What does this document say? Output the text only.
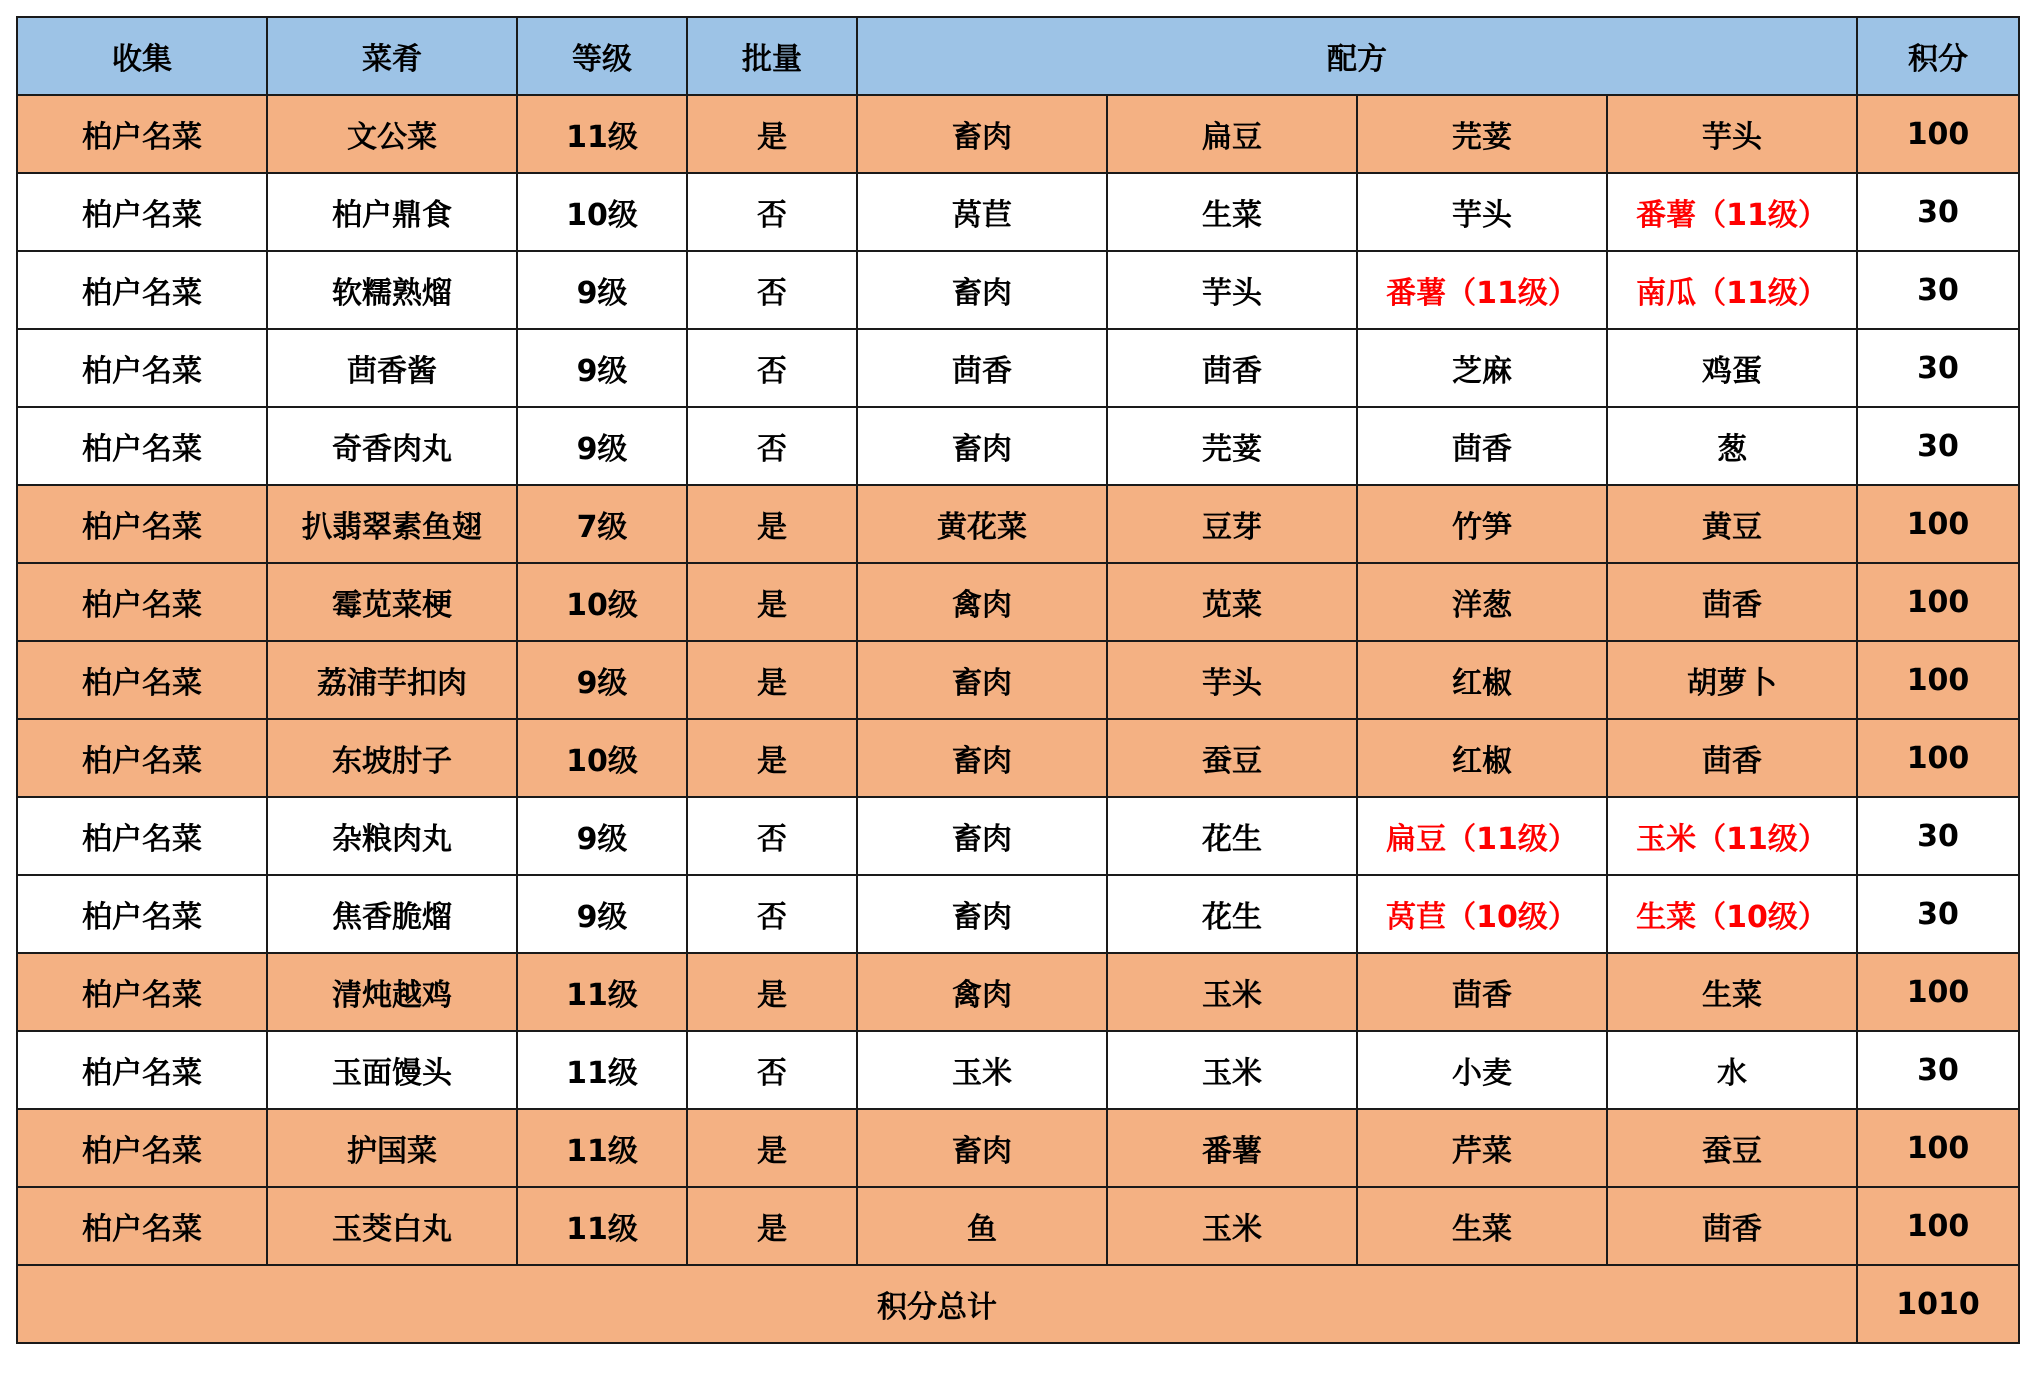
收集	菜肴	等级	批量	配方				积分
柏户名菜	文公菜	11级	是	畜肉	扁豆	芫荽	芋头	100
柏户名菜	柏户鼎食	10级	否	莴苣	生菜	芋头	番薯（11级）	30
柏户名菜	软糯熟熘	9级	否	畜肉	芋头	番薯（11级）	南瓜（11级）	30
柏户名菜	茴香酱	9级	否	茴香	茴香	芝麻	鸡蛋	30
柏户名菜	奇香肉丸	9级	否	畜肉	芫荽	茴香	葱	30
柏户名菜	扒翡翠素鱼翅	7级	是	黄花菜	豆芽	竹笋	黄豆	100
柏户名菜	霉苋菜梗	10级	是	禽肉	苋菜	洋葱	茴香	100
柏户名菜	荔浦芋扣肉	9级	是	畜肉	芋头	红椒	胡萝卜	100
柏户名菜	东坡肘子	10级	是	畜肉	蚕豆	红椒	茴香	100
柏户名菜	杂粮肉丸	9级	否	畜肉	花生	扁豆（11级）	玉米（11级）	30
柏户名菜	焦香脆熘	9级	否	畜肉	花生	莴苣（10级）	生菜（10级）	30
柏户名菜	清炖越鸡	11级	是	禽肉	玉米	茴香	生菜	100
柏户名菜	玉面馒头	11级	否	玉米	玉米	小麦	水	30
柏户名菜	护国菜	11级	是	畜肉	番薯	芹菜	蚕豆	100
柏户名菜	玉茭白丸	11级	是	鱼	玉米	生菜	茴香	100
积分总计								1010
